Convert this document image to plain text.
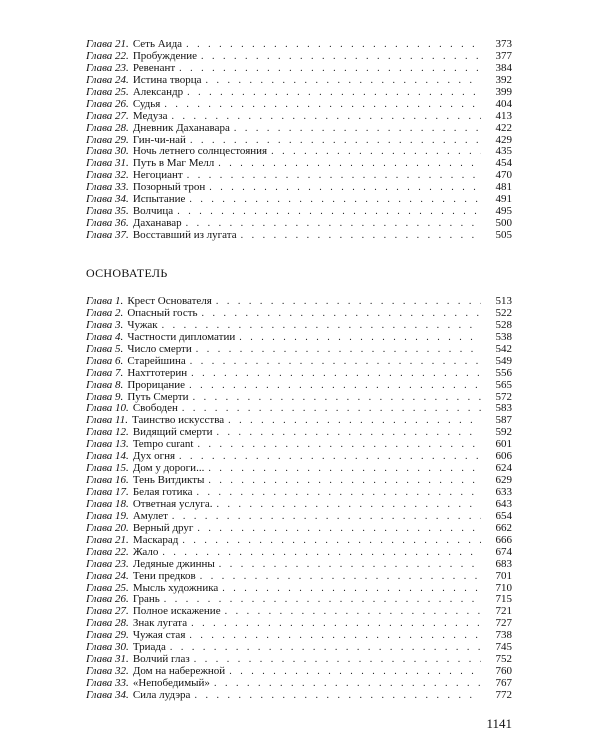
Глава 21. Сеть Аида . . .	373
Глава 22. Пробуждение . . .	377
Глава 23. Ревенант . . .	384
Глава 24. Истина творца . . .	392
Глава 25. Александр . . .	399
Глава 26. Судья . . .	404
Глава 27. Медуза . . .	413
Глава 28. Дневник Даханавара . . .	422
Глава 29. Гин-чи-най . . .	429
Глава 30. Ночь летнего солнцестояния . . .	435
Глава 31. Путь в Маг Мелл . . .	454
Глава 32. Негоциант . . .	470
Глава 33. Позорный трон . . .	481
Глава 34. Испытание . . .	491
Глава 35. Волчица . . .	495
Глава 36. Даханавар . . .	500
Глава 37. Восставший из лугата . . .	505
ОСНОВАТЕЛЬ
Глава 1. Крест Основателя . . .	513
Глава 2. Опасный гость . . .	522
Глава 3. Чужак . . .	528
Глава 4. Частности дипломатии . . .	538
Глава 5. Число смерти . . .	542
Глава 6. Старейшина . . .	549
Глава 7. Нахттотерин . . .	556
Глава 8. Прорицание . . .	565
Глава 9. Путь Смерти . . .	572
Глава 10. Свободен . . .	583
Глава 11. Таинство искусства . . .	587
Глава 12. Видящий смерти . . .	592
Глава 13. Tempo curant . . .	601
Глава 14. Дух огня . . .	606
Глава 15. Дом у дороги... . . .	624
Глава 16. Тень Витдикты . . .	629
Глава 17. Белая готика . . .	633
Глава 18. Ответная услуга. . . .	643
Глава 19. Амулет . . .	654
Глава 20. Верный друг . . .	662
Глава 21. Маскарад . . .	666
Глава 22. Жало . . .	674
Глава 23. Ледяные джинны . . .	683
Глава 24. Тени предков . . .	701
Глава 25. Мысль художника . . .	710
Глава 26. Грань . . .	715
Глава 27. Полное искажение . . .	721
Глава 28. Знак лугата . . .	727
Глава 29. Чужая стая . . .	738
Глава 30. Триада . . .	745
Глава 31. Волчий глаз . . .	752
Глава 32. Дом на набережной . . .	760
Глава 33. «Непобедимый» . . .	767
Глава 34. Сила лудэра . . .	772
1141
